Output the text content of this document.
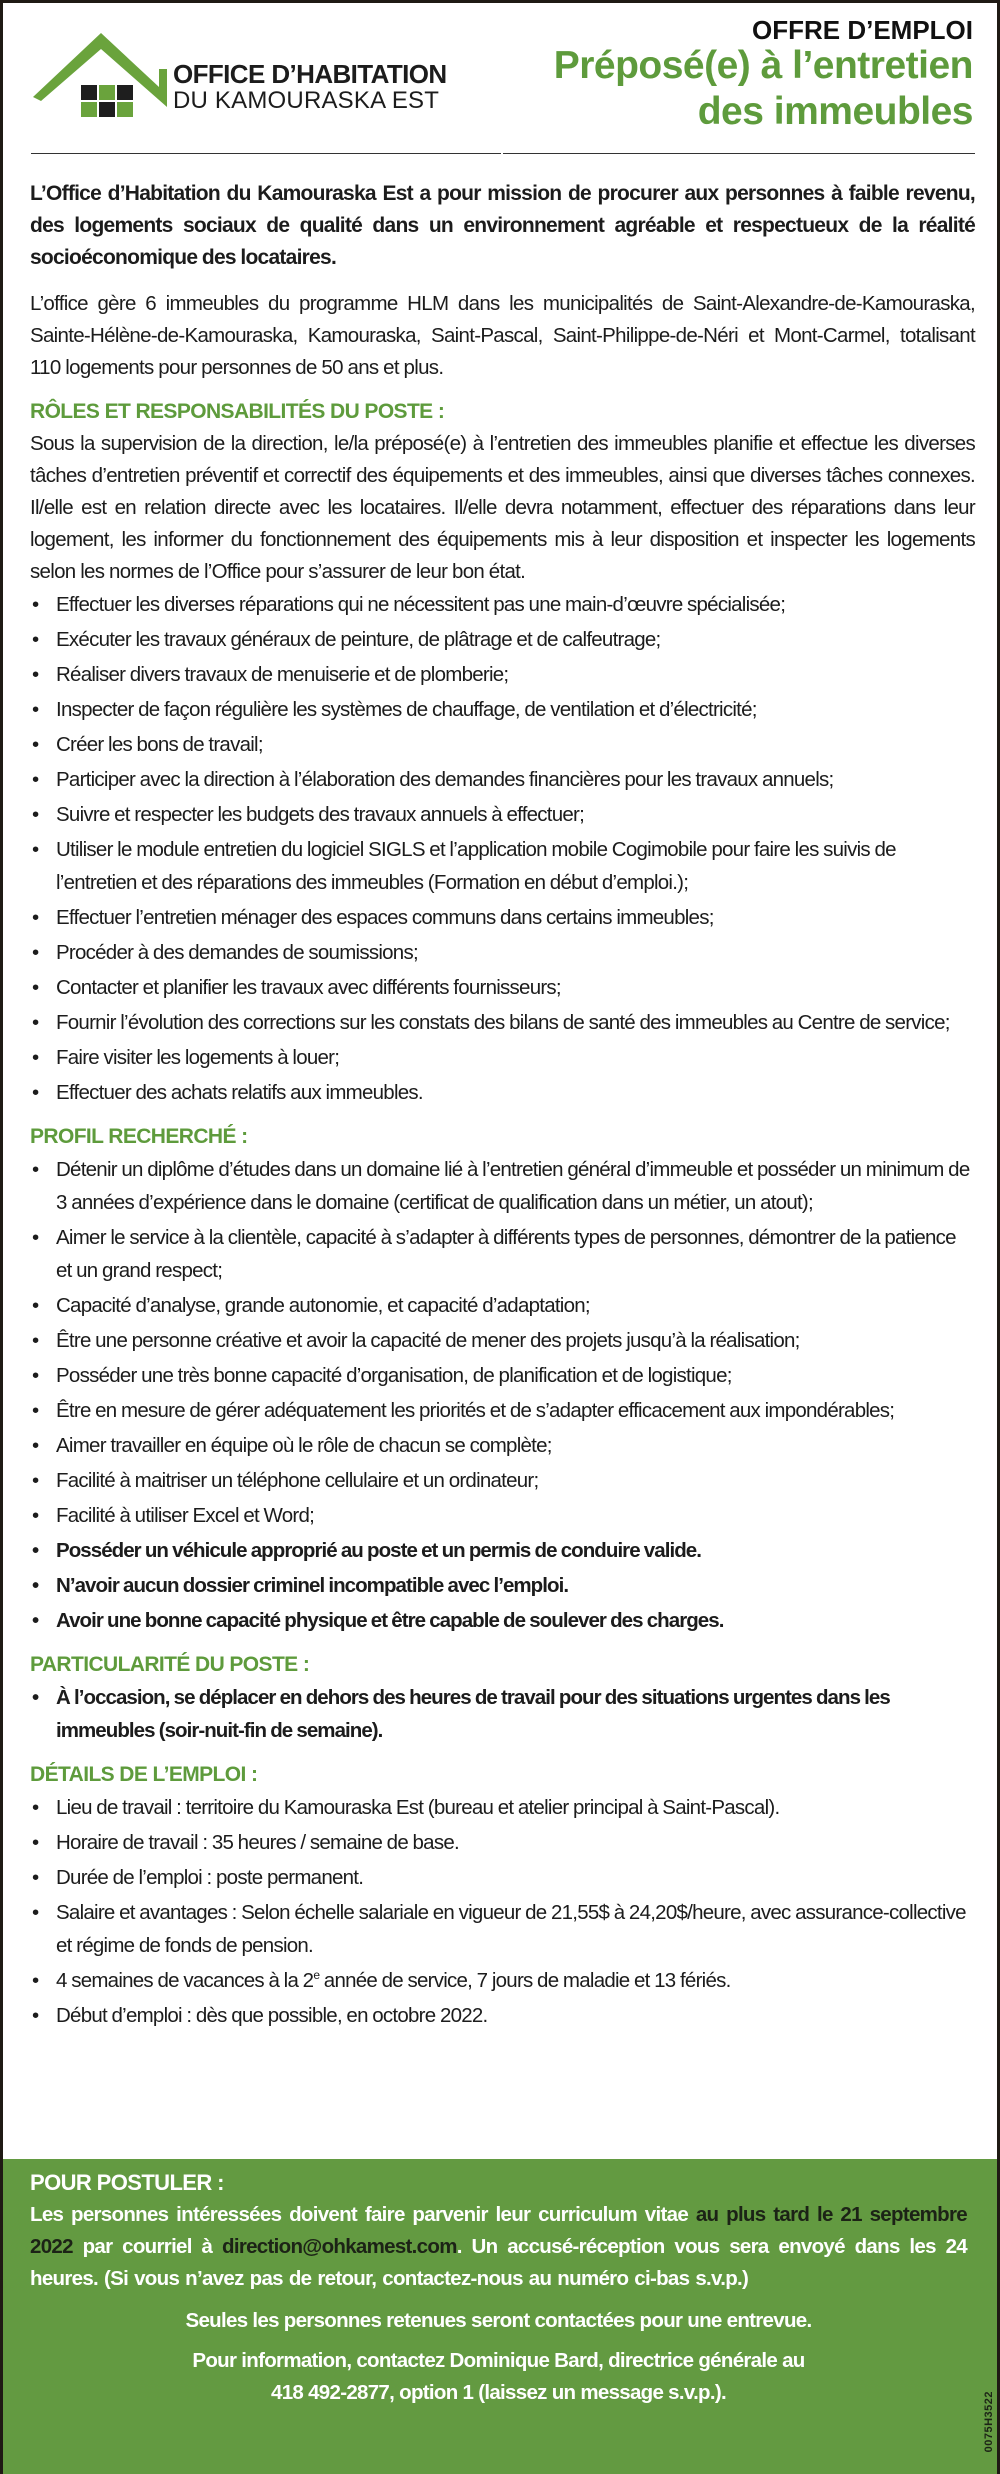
OFFICE D’HABITATION
DU KAMOURASKA EST
OFFRE D’EMPLOI
Préposé(e) à l’entretien
des immeubles

L’Office d’Habitation du Kamouraska Est a pour mission de procurer aux personnes à faible revenu, des logements sociaux de qualité dans un environnement agréable et respectueux de la réalité socioéconomique des locataires.

L’office gère 6 immeubles du programme HLM dans les municipalités de Saint-Alexandre-de-Kamouraska, Sainte-Hélène-de-Kamouraska, Kamouraska, Saint-Pascal, Saint-Philippe-de-Néri et Mont-Carmel, totalisant 110 logements pour personnes de 50 ans et plus.

RÔLES ET RESPONSABILITÉS DU POSTE :

Sous la supervision de la direction, le/la préposé(e) à l’entretien des immeubles planifie et effectue les diverses tâches d’entretien préventif et correctif des équipements et des immeubles, ainsi que diverses tâches connexes. Il/elle est en relation directe avec les locataires. Il/elle devra notamment, effectuer des réparations dans leur logement, les informer du fonctionnement des équipements mis à leur disposition et inspecter les logements selon les normes de l’Office pour s’assurer de leur bon état.

• Effectuer les diverses réparations qui ne nécessitent pas une main-d’œuvre spécialisée;
• Exécuter les travaux généraux de peinture, de plâtrage et de calfeutrage;
• Réaliser divers travaux de menuiserie et de plomberie;
• Inspecter de façon régulière les systèmes de chauffage, de ventilation et d’électricité;
• Créer les bons de travail;
• Participer avec la direction à l’élaboration des demandes financières pour les travaux annuels;
• Suivre et respecter les budgets des travaux annuels à effectuer;
• Utiliser le module entretien du logiciel SIGLS et l’application mobile Cogimobile pour faire les suivis de l’entretien et des réparations des immeubles (Formation en début d’emploi.);
• Effectuer l’entretien ménager des espaces communs dans certains immeubles;
• Procéder à des demandes de soumissions;
• Contacter et planifier les travaux avec différents fournisseurs;
• Fournir l’évolution des corrections sur les constats des bilans de santé des immeubles au Centre de service;
• Faire visiter les logements à louer;
• Effectuer des achats relatifs aux immeubles.
PROFIL RECHERCHÉ :
• Détenir un diplôme d’études dans un domaine lié à l’entretien général d’immeuble et posséder un minimum de 3 années d’expérience dans le domaine (certificat de qualification dans un métier, un atout);
• Aimer le service à la clientèle, capacité à s’adapter à différents types de personnes, démontrer de la patience et un grand respect;
• Capacité d’analyse, grande autonomie, et capacité d’adaptation;
• Être une personne créative et avoir la capacité de mener des projets jusqu’à la réalisation;
• Posséder une très bonne capacité d’organisation, de planification et de logistique;
• Être en mesure de gérer adéquatement les priorités et de s’adapter efficacement aux impondérables;
• Aimer travailler en équipe où le rôle de chacun se complète;
• Facilité à maitriser un téléphone cellulaire et un ordinateur;
• Facilité à utiliser Excel et Word;
• Posséder un véhicule approprié au poste et un permis de conduire valide.
• N’avoir aucun dossier criminel incompatible avec l’emploi.
• Avoir une bonne capacité physique et être capable de soulever des charges.
PARTICULARITÉ DU POSTE :
• À l’occasion, se déplacer en dehors des heures de travail pour des situations urgentes dans les immeubles (soir-nuit-fin de semaine).
DÉTAILS DE L’EMPLOI :
• Lieu de travail : territoire du Kamouraska Est (bureau et atelier principal à Saint-Pascal).
• Horaire de travail : 35 heures / semaine de base.
• Durée de l’emploi : poste permanent.
• Salaire et avantages : Selon échelle salariale en vigueur de 21,55$ à 24,20$/heure, avec assurance-collective et régime de fonds de pension.
• 4 semaines de vacances à la 2e année de service, 7 jours de maladie et 13 fériés.
• Début d’emploi : dès que possible, en octobre 2022.
POUR POSTULER :

Les personnes intéressées doivent faire parvenir leur curriculum vitae au plus tard le 21 septembre 2022 par courriel à direction@ohkamest.com. Un accusé-réception vous sera envoyé dans les 24 heures. (Si vous n’avez pas de retour, contactez-nous au numéro ci-bas s.v.p.)

Seules les personnes retenues seront contactées pour une entrevue.

Pour information, contactez Dominique Bard, directrice générale au

418 492-2877, option 1 (laissez un message s.v.p.).	0075H3522
